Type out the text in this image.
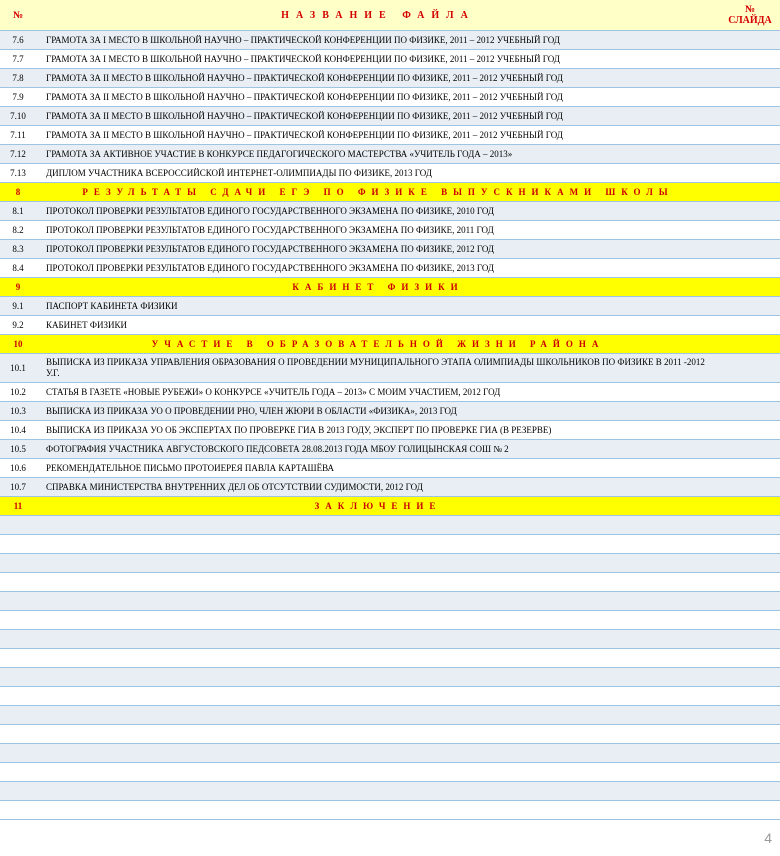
№	НАЗВАНИЕ ФАЙЛА	№
СЛАЙДА

7.6	ГРАМОТА ЗА I МЕСТО В ШКОЛЬНОЙ НАУЧНО – ПРАКТИЧЕСКОЙ КОНФЕРЕНЦИИ ПО ФИЗИКЕ, 2011 – 2012 УЧЕБНЫЙ ГОД	
7.7	ГРАМОТА ЗА I МЕСТО В ШКОЛЬНОЙ НАУЧНО – ПРАКТИЧЕСКОЙ КОНФЕРЕНЦИИ ПО ФИЗИКЕ, 2011 – 2012 УЧЕБНЫЙ ГОД	
7.8	ГРАМОТА ЗА II МЕСТО В ШКОЛЬНОЙ НАУЧНО – ПРАКТИЧЕСКОЙ КОНФЕРЕНЦИИ ПО ФИЗИКЕ, 2011 – 2012 УЧЕБНЫЙ ГОД	
7.9	ГРАМОТА ЗА II МЕСТО В ШКОЛЬНОЙ НАУЧНО – ПРАКТИЧЕСКОЙ КОНФЕРЕНЦИИ ПО ФИЗИКЕ, 2011 – 2012 УЧЕБНЫЙ ГОД	
7.10	ГРАМОТА ЗА II МЕСТО В ШКОЛЬНОЙ НАУЧНО – ПРАКТИЧЕСКОЙ КОНФЕРЕНЦИИ ПО ФИЗИКЕ, 2011 – 2012 УЧЕБНЫЙ ГОД	
7.11	ГРАМОТА ЗА II МЕСТО В ШКОЛЬНОЙ НАУЧНО – ПРАКТИЧЕСКОЙ КОНФЕРЕНЦИИ ПО ФИЗИКЕ, 2011 – 2012 УЧЕБНЫЙ ГОД	
7.12	ГРАМОТА ЗА АКТИВНОЕ УЧАСТИЕ В КОНКУРСЕ ПЕДАГОГИЧЕСКОГО МАСТЕРСТВА «УЧИТЕЛЬ ГОДА – 2013»	
7.13	ДИПЛОМ УЧАСТНИКА ВСЕРОССИЙСКОЙ ИНТЕРНЕТ-ОЛИМПИАДЫ ПО ФИЗИКЕ, 2013 ГОД	
8	РЕЗУЛЬТАТЫ СДАЧИ ЕГЭ ПО ФИЗИКЕ ВЫПУСКНИКАМИ ШКОЛЫ	
8.1	ПРОТОКОЛ ПРОВЕРКИ РЕЗУЛЬТАТОВ ЕДИНОГО ГОСУДАРСТВЕННОГО ЭКЗАМЕНА ПО ФИЗИКЕ, 2010 ГОД	
8.2	ПРОТОКОЛ ПРОВЕРКИ РЕЗУЛЬТАТОВ ЕДИНОГО ГОСУДАРСТВЕННОГО ЭКЗАМЕНА ПО ФИЗИКЕ, 2011 ГОД	
8.3	ПРОТОКОЛ ПРОВЕРКИ РЕЗУЛЬТАТОВ ЕДИНОГО ГОСУДАРСТВЕННОГО ЭКЗАМЕНА ПО ФИЗИКЕ, 2012 ГОД	
8.4	ПРОТОКОЛ ПРОВЕРКИ РЕЗУЛЬТАТОВ ЕДИНОГО ГОСУДАРСТВЕННОГО ЭКЗАМЕНА ПО ФИЗИКЕ, 2013 ГОД	
9	КАБИНЕТ ФИЗИКИ	
9.1	ПАСПОРТ КАБИНЕТА ФИЗИКИ	
9.2	КАБИНЕТ ФИЗИКИ	
10	УЧАСТИЕ В ОБРАЗОВАТЕЛЬНОЙ ЖИЗНИ РАЙОНА	
10.1	ВЫПИСКА ИЗ ПРИКАЗА УПРАВЛЕНИЯ ОБРАЗОВАНИЯ О ПРОВЕДЕНИИ МУНИЦИПАЛЬНОГО ЭТАПА ОЛИМПИАДЫ ШКОЛЬНИКОВ ПО ФИЗИКЕ В 2011 -2012 У.Г.	
10.2	СТАТЬЯ В ГАЗЕТЕ «НОВЫЕ РУБЕЖИ» О КОНКУРСЕ «УЧИТЕЛЬ ГОДА – 2013» С МОИМ УЧАСТИЕМ, 2012 ГОД	
10.3	ВЫПИСКА ИЗ ПРИКАЗА УО О ПРОВЕДЕНИИ РНО, ЧЛЕН ЖЮРИ В ОБЛАСТИ «ФИЗИКА», 2013 ГОД	
10.4	ВЫПИСКА ИЗ ПРИКАЗА УО ОБ ЭКСПЕРТАХ ПО ПРОВЕРКЕ ГИА В 2013 ГОДУ, ЭКСПЕРТ ПО ПРОВЕРКЕ ГИА (В РЕЗЕРВЕ)	
10.5	ФОТОГРАФИЯ УЧАСТНИКА АВГУСТОВСКОГО ПЕДСОВЕТА 28.08.2013 ГОДА МБОУ ГОЛИЦЫНСКАЯ СОШ № 2	
10.6	РЕКОМЕНДАТЕЛЬНОЕ ПИСЬМО ПРОТОИЕРЕЯ ПАВЛА КАРТАШЁВА	
10.7	СПРАВКА МИНИСТЕРСТВА ВНУТРЕННИХ ДЕЛ ОБ ОТСУТСТВИИ СУДИМОСТИ, 2012 ГОД	
11	ЗАКЛЮЧЕНИЕ	

4
